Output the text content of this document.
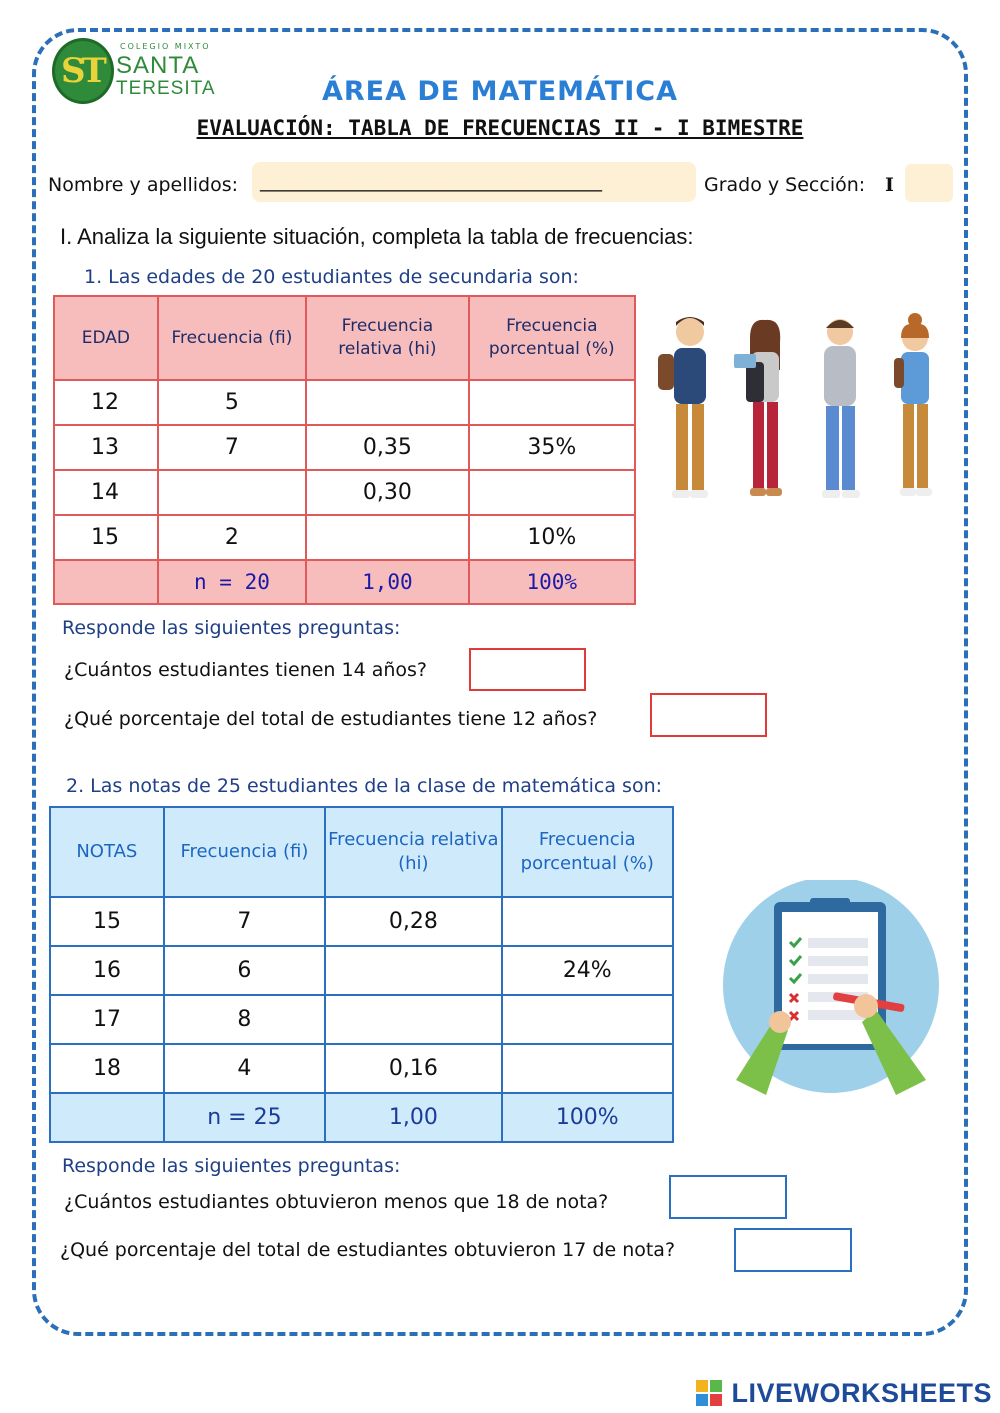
ST
COLEGIO MIXTO
SANTA
TERESITA	ÁREA DE MATEMÁTICA
EVALUACIÓN: TABLA DE FRECUENCIAS II - I BIMESTRE
Nombre y apellidos:	____________________________________	Grado y Sección: I
I. Analiza la siguiente situación, completa la tabla de frecuencias:
1. Las edades de 20 estudiantes de secundaria son:
EDAD	Frecuencia (fi)	Frecuencia relativa (hi)	Frecuencia porcentual (%)
12	5		
13	7	0,35	35%
14		0,30	
15	2		10%
	n = 20	1,00	100%
Responde las siguientes preguntas:
¿Cuántos estudiantes tienen 14 años?
¿Qué porcentaje del total de estudiantes tiene 12 años?
2. Las notas de 25 estudiantes de la clase de matemática son:
NOTAS	Frecuencia (fi)	Frecuencia relativa (hi)	Frecuencia porcentual (%)
15	7	0,28	
16	6		24%
17	8		
18	4	0,16	
	n = 25	1,00	100%
Responde las siguientes preguntas:
¿Cuántos estudiantes obtuvieron menos que 18 de nota?
¿Qué porcentaje del total de estudiantes obtuvieron 17 de nota?
LIVEWORKSHEETS
